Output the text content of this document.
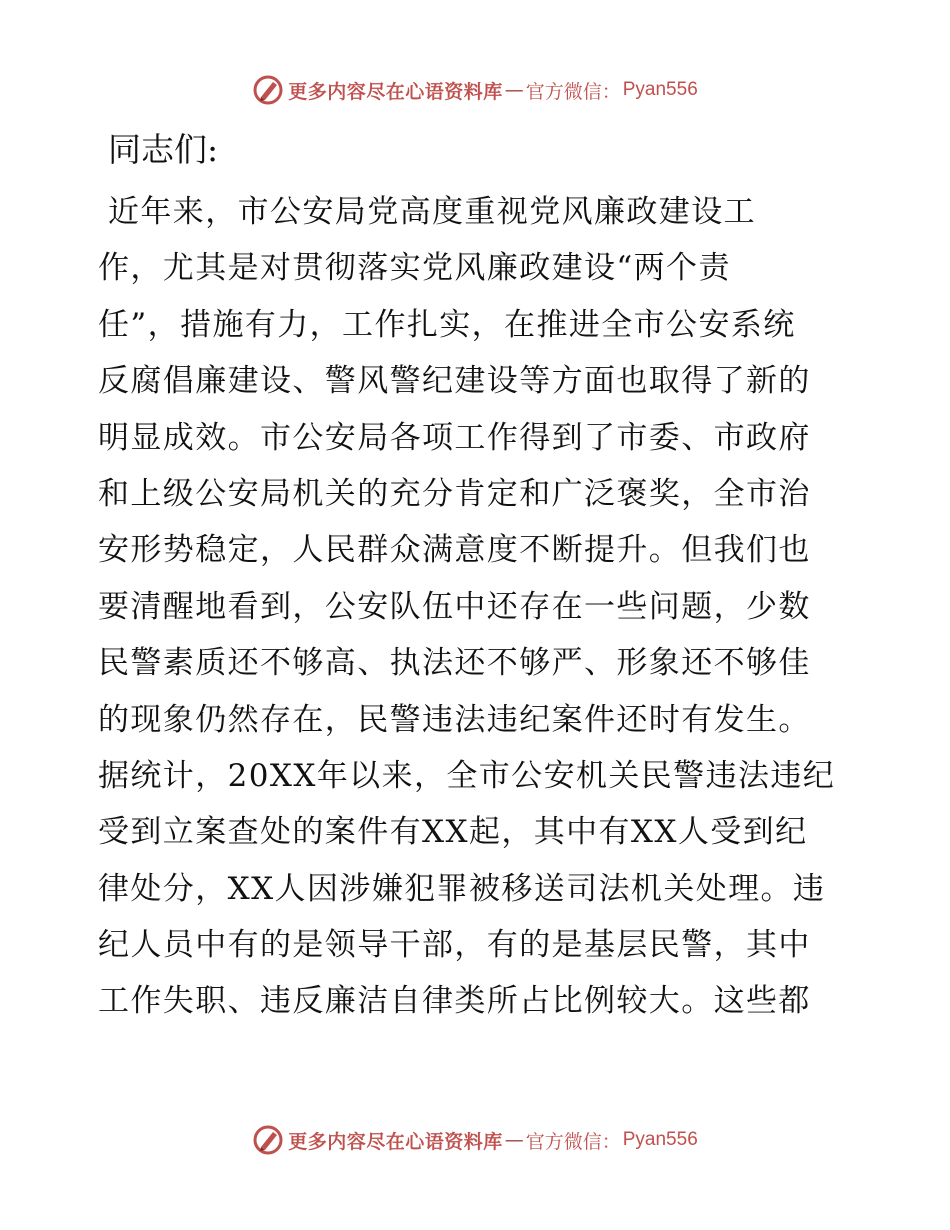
更多内容尽在心语资料库 — 官方微信： Pyan556
同志们:
近年来，市公安局党高度重视党风廉政建设工
作，尤其是对贯彻落实党风廉政建设“两个责
任”，措施有力，工作扎实，在推进全市公安系统
反腐倡廉建设、警风警纪建设等方面也取得了新的
明显成效。市公安局各项工作得到了市委、市政府
和上级公安局机关的充分肯定和广泛褒奖，全市治
安形势稳定，人民群众满意度不断提升。但我们也
要清醒地看到，公安队伍中还存在一些问题，少数
民警素质还不够高、执法还不够严、形象还不够佳
的现象仍然存在，民警违法违纪案件还时有发生。
据统计，20XX年以来，全市公安机关民警违法违纪
受到立案查处的案件有XX起，其中有XX人受到纪
律处分，XX人因涉嫌犯罪被移送司法机关处理。违
纪人员中有的是领导干部，有的是基层民警，其中
工作失职、违反廉洁自律类所占比例较大。这些都
更多内容尽在心语资料库 — 官方微信： Pyan556
